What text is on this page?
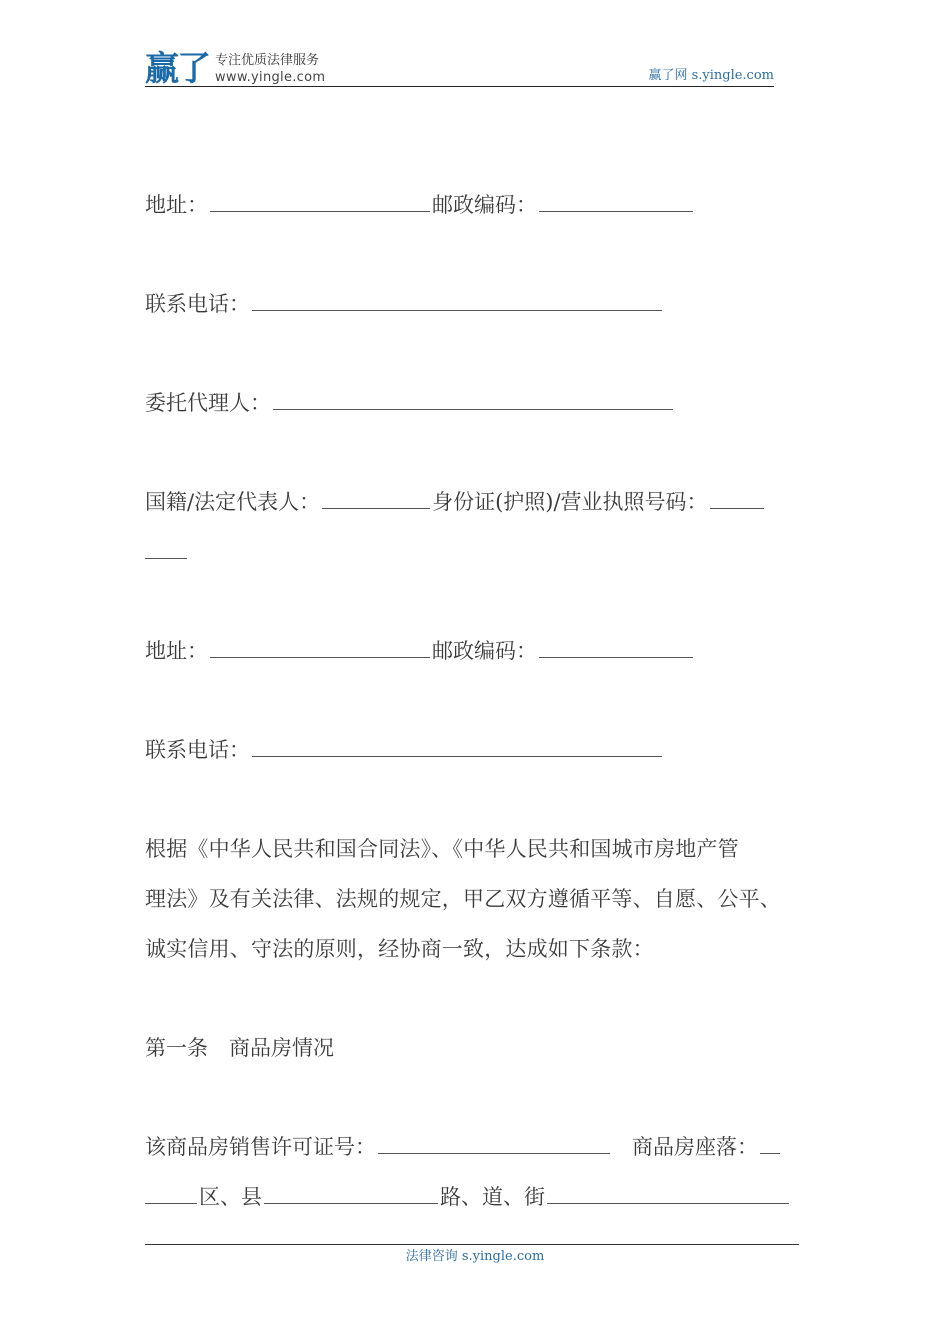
赢了 专注优质法律服务
www.yingle.com	赢了网 s.yingle.com

地址：	邮政编码：

联系电话：

委托代理人：

国籍/法定代表人：	身份证(护照)/营业执照号码：

地址：	邮政编码：

联系电话：

根据《中华人民共和国合同法》、《中华人民共和国城市房地产管

理法》及有关法律、法规的规定，甲乙双方遵循平等、自愿、公平、

诚实信用、守法的原则，经协商一致，达成如下条款：

第一条　商品房情况

该商品房销售许可证号：	商品房座落：

区、县	路、道、街

法律咨询 s.yingle.com
